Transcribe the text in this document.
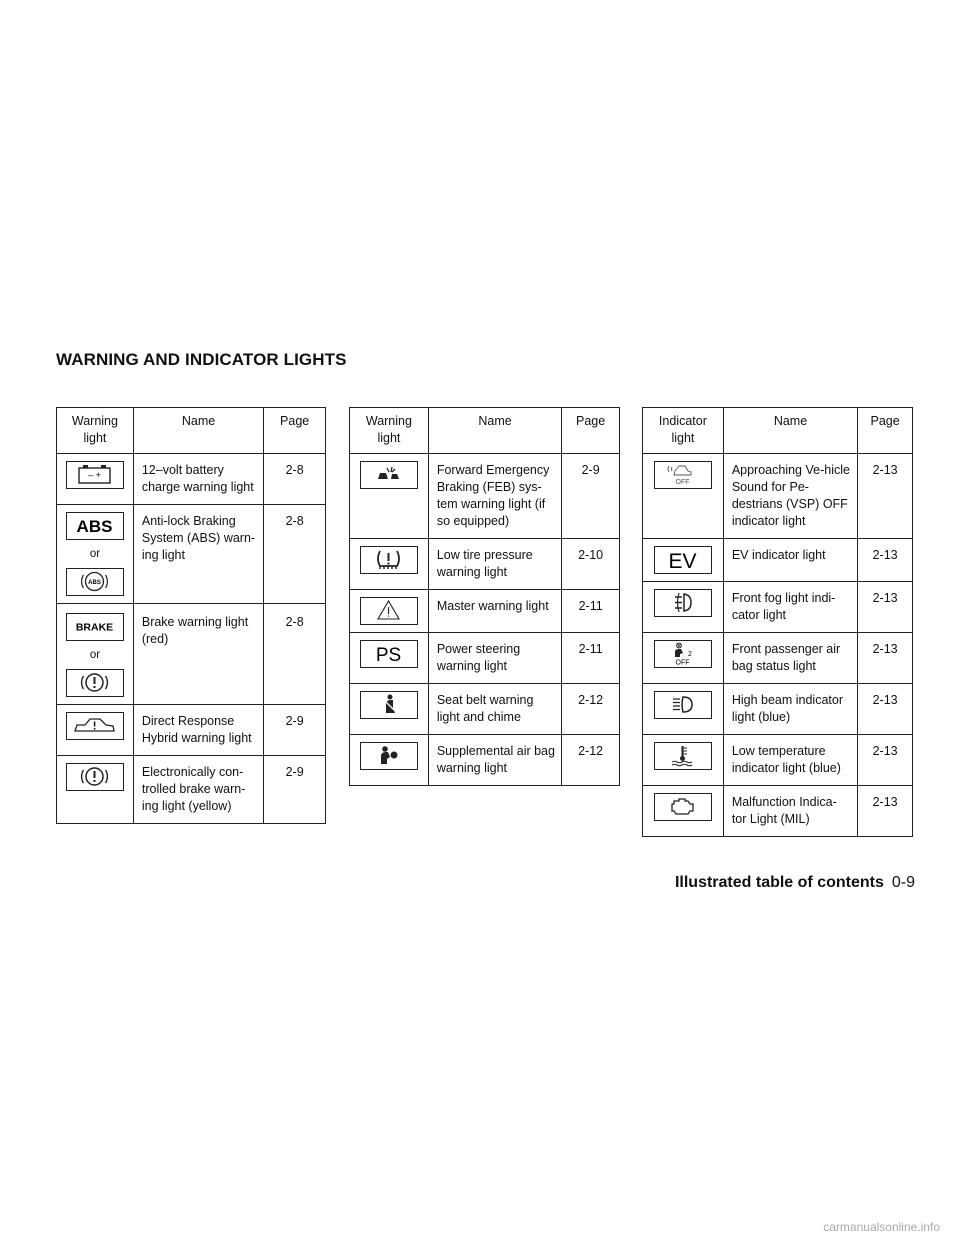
WARNING AND INDICATOR LIGHTS
Warning light	Name	Page

– +	12–volt battery charge warning light	2-8

ABS
or
ABS	Anti-lock Braking System (ABS) warn-ing light	2-8

BRAKE
or	Brake warning light (red)	2-8

	Direct Response Hybrid warning light	2-9

	Electronically con-trolled brake warn-ing light (yellow)	2-9
Warning light	Name	Page

	Forward Emergency Braking (FEB) sys-tem warning light (if so equipped)	2-9

	Low tire pressure warning light	2-10

	Master warning light	2-11

PS	Power steering warning light	2-11

	Seat belt warning light and chime	2-12

	Supplemental air bag warning light	2-12
Indicator light	Name	Page

OFF	Approaching Ve-hicle Sound for Pe-destrians (VSP) OFF indicator light	2-13

EV	EV indicator light	2-13

	Front fog light indi-cator light	2-13

2
OFF	Front passenger air bag status light	2-13

	High beam indicator light (blue)	2-13

	Low temperature indicator light (blue)	2-13

	Malfunction Indica-tor Light (MIL)	2-13
Illustrated table of contents 0-9
carmanualsonline.info
